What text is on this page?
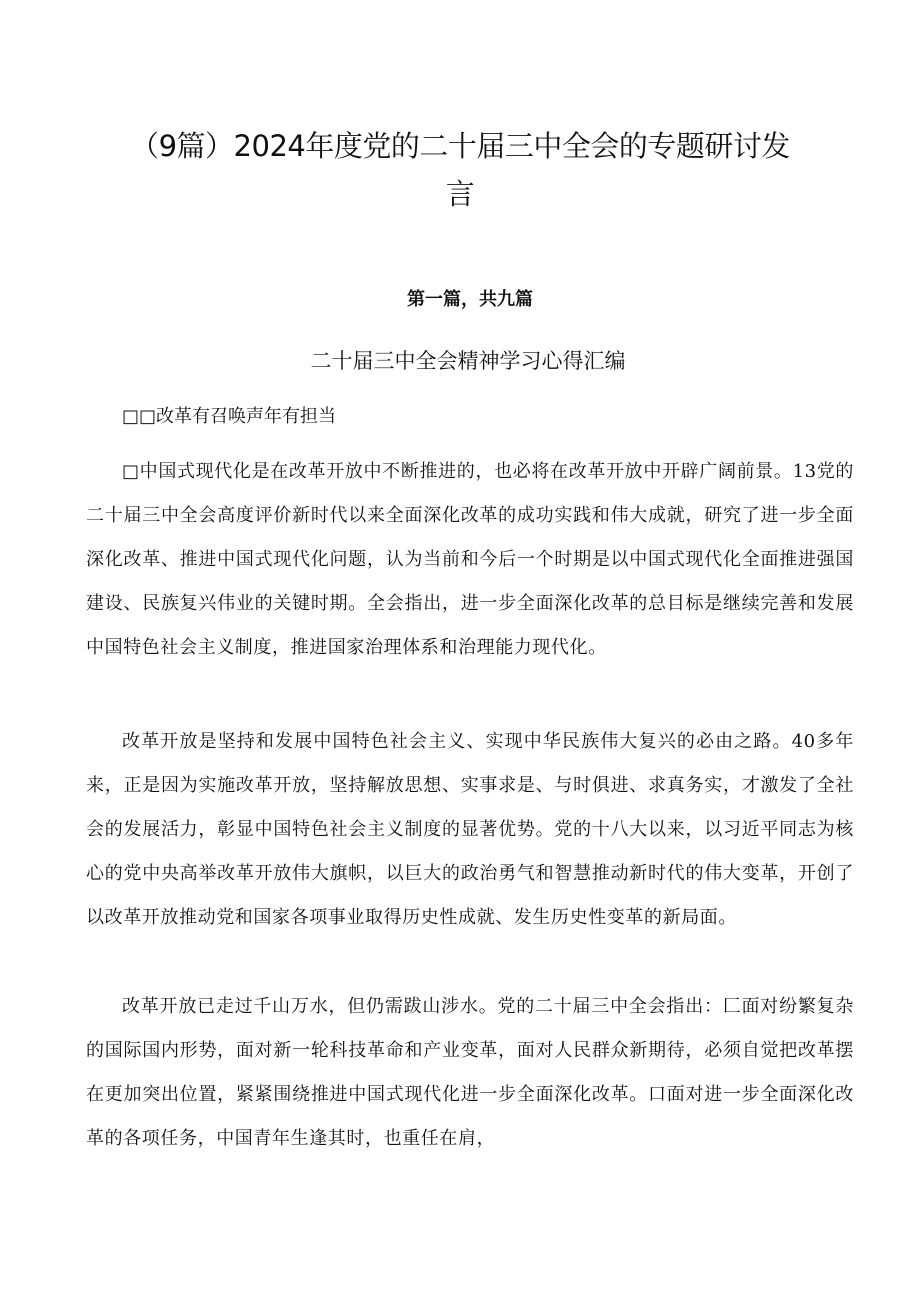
（9篇）2024年度党的二十届三中全会的专题研讨发
言

第一篇，共九篇

二十届三中全会精神学习心得汇编

□□改革有召唤声年有担当

□中国式现代化是在改革开放中不断推进的，也必将在改革开放中开辟广阔前景。13党的二十届三中全会高度评价新时代以来全面深化改革的成功实践和伟大成就，研究了进一步全面深化改革、推进中国式现代化问题，认为当前和今后一个时期是以中国式现代化全面推进强国建设、民族复兴伟业的关键时期。全会指出，进一步全面深化改革的总目标是继续完善和发展中国特色社会主义制度，推进国家治理体系和治理能力现代化。

改革开放是坚持和发展中国特色社会主义、实现中华民族伟大复兴的必由之路。40多年来，正是因为实施改革开放，坚持解放思想、实事求是、与时俱进、求真务实，才激发了全社会的发展活力，彰显中国特色社会主义制度的显著优势。党的十八大以来，以习近平同志为核心的党中央高举改革开放伟大旗帜，以巨大的政治勇气和智慧推动新时代的伟大变革，开创了以改革开放推动党和国家各项事业取得历史性成就、发生历史性变革的新局面。

改革开放已走过千山万水，但仍需跋山涉水。党的二十届三中全会指出：匚面对纷繁复杂的国际国内形势，面对新一轮科技革命和产业变革，面对人民群众新期待，必须自觉把改革摆在更加突出位置，紧紧围绕推进中国式现代化进一步全面深化改革。口面对进一步全面深化改革的各项任务，中国青年生逢其时，也重任在肩，
